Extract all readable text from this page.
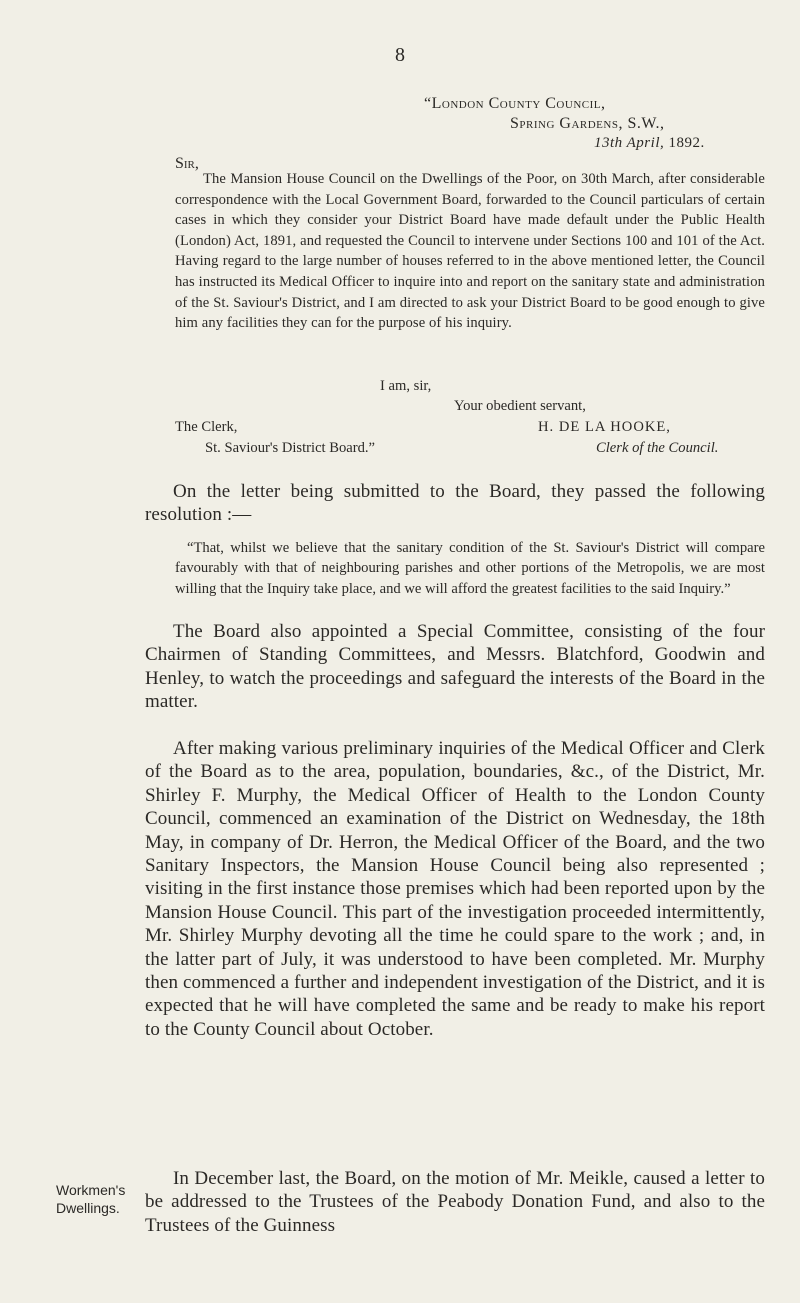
8
“London County Council,
Spring Gardens, S.W.,
13th April, 1892.
Sir,
The Mansion House Council on the Dwellings of the Poor, on 30th March, after considerable correspondence with the Local Government Board, forwarded to the Council particulars of certain cases in which they consider your District Board have made default under the Public Health (London) Act, 1891, and requested the Council to intervene under Sections 100 and 101 of the Act. Having regard to the large number of houses referred to in the above mentioned letter, the Council has instructed its Medical Officer to inquire into and report on the sanitary state and administration of the St. Saviour's District, and I am directed to ask your District Board to be good enough to give him any facilities they can for the purpose of his inquiry.
I am, sir,
Your obedient servant,
The Clerk,	H. DE LA HOOKE,
St. Saviour's District Board.”	Clerk of the Council.
On the letter being submitted to the Board, they passed the following resolution :—
“That, whilst we believe that the sanitary condition of the St. Saviour's District will compare favourably with that of neighbouring parishes and other portions of the Metropolis, we are most willing that the Inquiry take place, and we will afford the greatest facilities to the said Inquiry.”
The Board also appointed a Special Committee, consisting of the four Chairmen of Standing Committees, and Messrs. Blatchford, Goodwin and Henley, to watch the proceedings and safeguard the interests of the Board in the matter.
After making various preliminary inquiries of the Medical Officer and Clerk of the Board as to the area, population, boundaries, &c., of the District, Mr. Shirley F. Murphy, the Medical Officer of Health to the London County Council, commenced an examination of the District on Wednesday, the 18th May, in company of Dr. Herron, the Medical Officer of the Board, and the two Sanitary Inspectors, the Mansion House Council being also represented ; visiting in the first instance those premises which had been reported upon by the Mansion House Council. This part of the investigation proceeded intermittently, Mr. Shirley Murphy devoting all the time he could spare to the work ; and, in the latter part of July, it was understood to have been completed. Mr. Murphy then commenced a further and independent investigation of the District, and it is expected that he will have completed the same and be ready to make his report to the County Council about October.
Workmen's Dwellings.
In December last, the Board, on the motion of Mr. Meikle, caused a letter to be addressed to the Trustees of the Peabody Donation Fund, and also to the Trustees of the Guinness
